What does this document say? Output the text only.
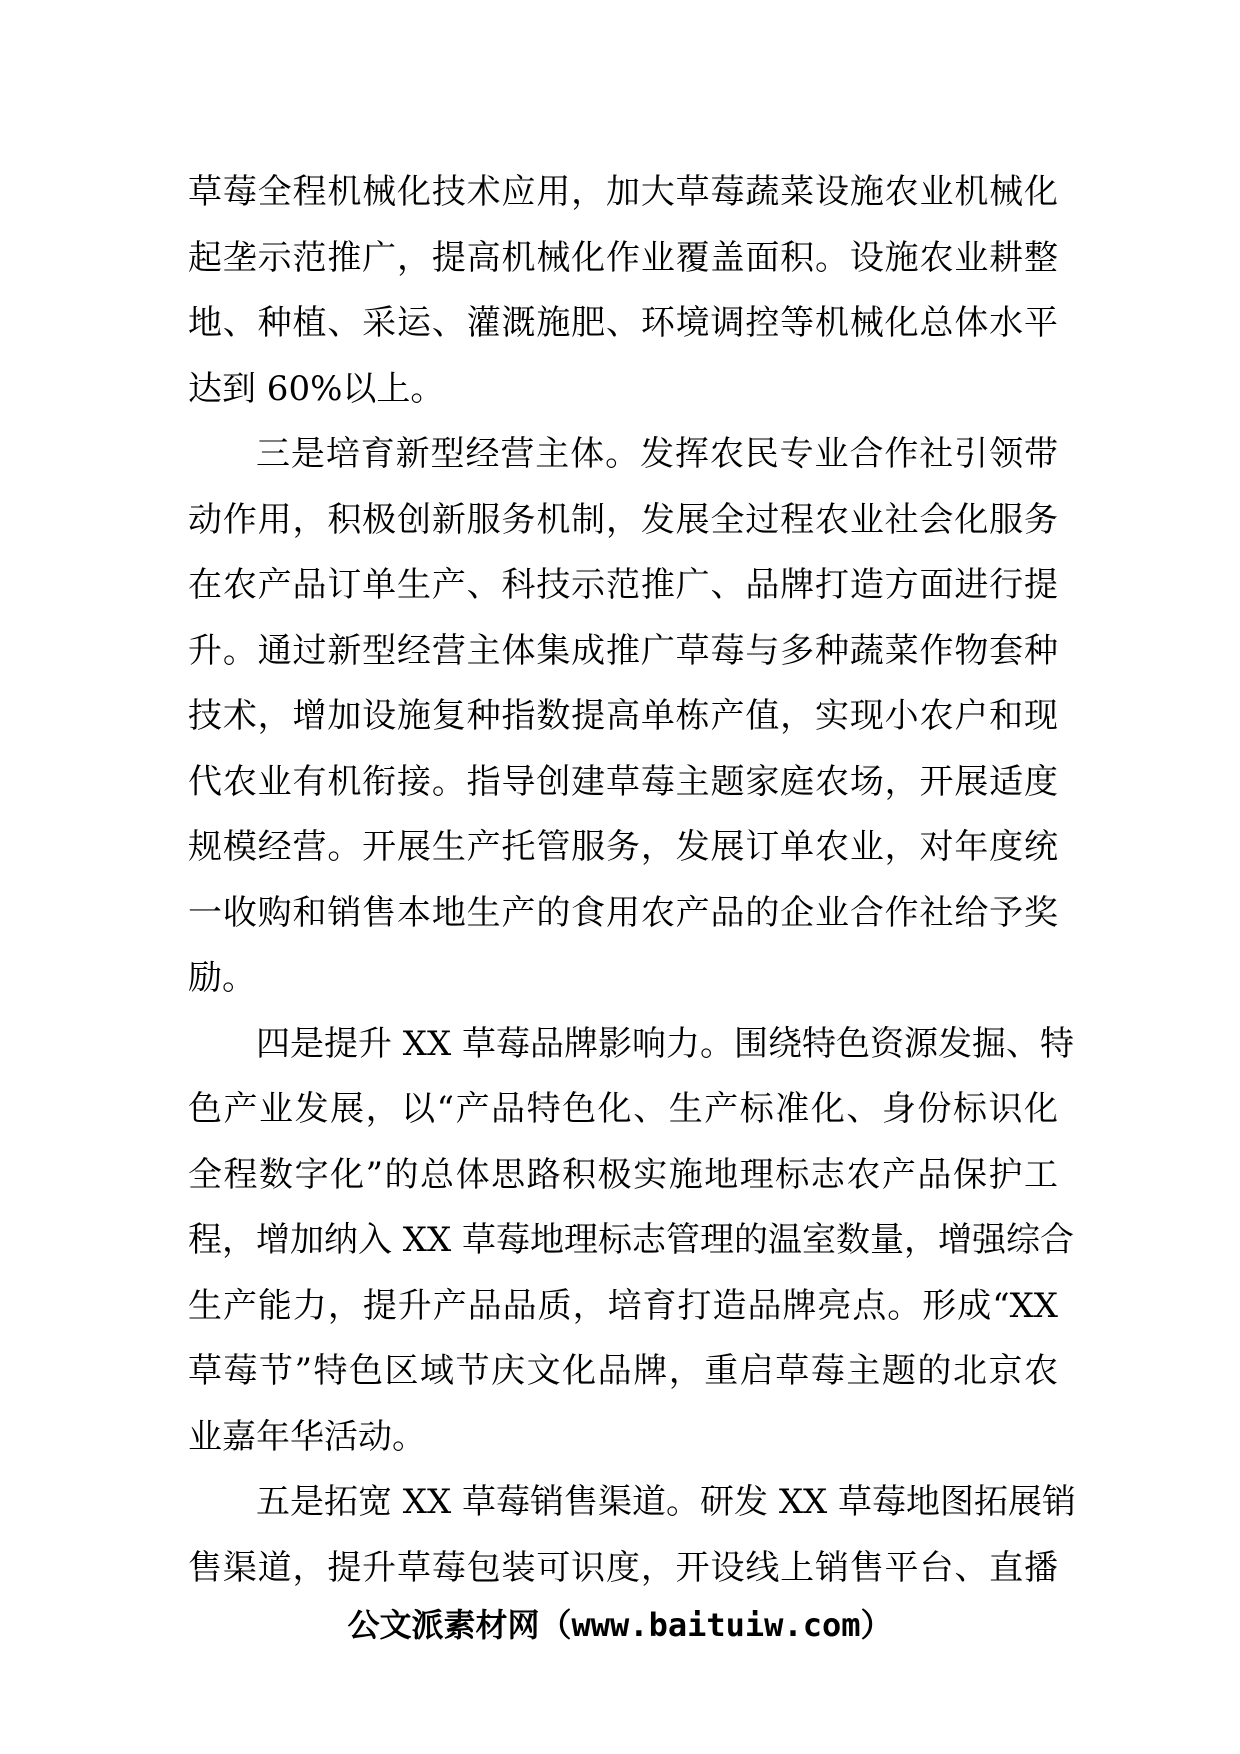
草莓全程机械化技术应用，加大草莓蔬菜设施农业机械化
起垄示范推广，提高机械化作业覆盖面积。设施农业耕整
地、种植、采运、灌溉施肥、环境调控等机械化总体水平
达到 60%以上。
三是培育新型经营主体。发挥农民专业合作社引领带
动作用，积极创新服务机制，发展全过程农业社会化服务
在农产品订单生产、科技示范推广、品牌打造方面进行提
升。通过新型经营主体集成推广草莓与多种蔬菜作物套种
技术，增加设施复种指数提高单栋产值，实现小农户和现
代农业有机衔接。指导创建草莓主题家庭农场，开展适度
规模经营。开展生产托管服务，发展订单农业，对年度统
一收购和销售本地生产的食用农产品的企业合作社给予奖
励。
四是提升 XX 草莓品牌影响力。围绕特色资源发掘、特
色产业发展，以“产品特色化、生产标准化、身份标识化
全程数字化”的总体思路积极实施地理标志农产品保护工
程，增加纳入 XX 草莓地理标志管理的温室数量，增强综合
生产能力，提升产品品质，培育打造品牌亮点。形成“XX
草莓节”特色区域节庆文化品牌，重启草莓主题的北京农
业嘉年华活动。
五是拓宽 XX 草莓销售渠道。研发 XX 草莓地图拓展销
售渠道，提升草莓包装可识度，开设线上销售平台、直播
公文派素材网（www.baituiw.com）
